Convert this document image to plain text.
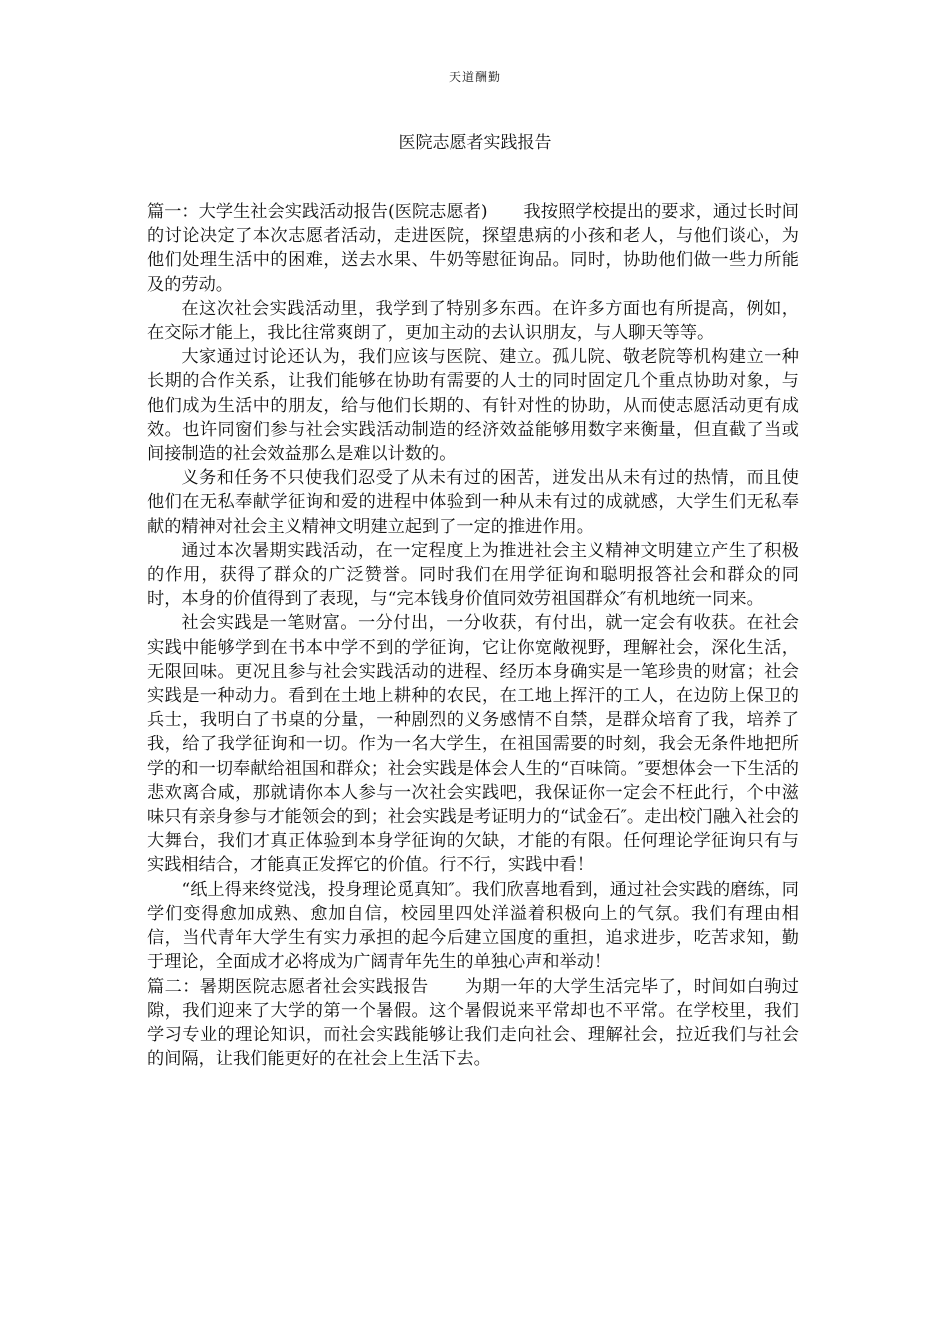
天道酬勤
医院志愿者实践报告

篇一：大学生社会实践活动报告(医院志愿者) 我按照学校提出的要求，通过长时间的讨论决定了本次志愿者活动，走进医院，探望患病的小孩和老人，与他们谈心，为他们处理生活中的困难，送去水果、牛奶等慰征询品。同时，协助他们做一些力所能及的劳动。

在这次社会实践活动里，我学到了特别多东西。在许多方面也有所提高，例如，在交际才能上，我比往常爽朗了，更加主动的去认识朋友，与人聊天等等。

大家通过讨论还认为，我们应该与医院、建立。孤儿院、敬老院等机构建立一种长期的合作关系，让我们能够在协助有需要的人士的同时固定几个重点协助对象，与他们成为生活中的朋友，给与他们长期的、有针对性的协助，从而使志愿活动更有成效。也许同窗们参与社会实践活动制造的经济效益能够用数字来衡量，但直截了当或间接制造的社会效益那么是难以计数的。

义务和任务不只使我们忍受了从未有过的困苦，迸发出从未有过的热情，而且使他们在无私奉献学征询和爱的进程中体验到一种从未有过的成就感，大学生们无私奉献的精神对社会主义精神文明建立起到了一定的推进作用。

通过本次暑期实践活动，在一定程度上为推进社会主义精神文明建立产生了积极的作用，获得了群众的广泛赞誉。同时我们在用学征询和聪明报答社会和群众的同时，本身的价值得到了表现，与“完本钱身价值同效劳祖国群众″有机地统一同来。

社会实践是一笔财富。一分付出，一分收获，有付出，就一定会有收获。在社会实践中能够学到在书本中学不到的学征询，它让你宽敞视野，理解社会，深化生活，无限回味。更况且参与社会实践活动的进程、经历本身确实是一笔珍贵的财富；社会实践是一种动力。看到在土地上耕种的农民，在工地上挥汗的工人，在边防上保卫的兵士，我明白了书桌的分量，一种剧烈的义务感情不自禁，是群众培育了我，培养了我，给了我学征询和一切。作为一名大学生，在祖国需要的时刻，我会无条件地把所学的和一切奉献给祖国和群众；社会实践是体会人生的“百味筒。″要想体会一下生活的悲欢离合咸，那就请你本人参与一次社会实践吧，我保证你一定会不枉此行，个中滋味只有亲身参与才能领会的到；社会实践是考证明力的“试金石″。走出校门融入社会的大舞台，我们才真正体验到本身学征询的欠缺，才能的有限。任何理论学征询只有与实践相结合，才能真正发挥它的价值。行不行，实践中看！

“纸上得来终觉浅，投身理论觅真知″。我们欣喜地看到，通过社会实践的磨练，同学们变得愈加成熟、愈加自信，校园里四处洋溢着积极向上的气氛。我们有理由相信，当代青年大学生有实力承担的起今后建立国度的重担，追求进步，吃苦求知，勤于理论，全面成才必将成为广阔青年先生的单独心声和举动！

篇二：暑期医院志愿者社会实践报告 为期一年的大学生活完毕了，时间如白驹过隙，我们迎来了大学的第一个暑假。这个暑假说来平常却也不平常。在学校里，我们学习专业的理论知识，而社会实践能够让我们走向社会、理解社会，拉近我们与社会的间隔，让我们能更好的在社会上生活下去。
